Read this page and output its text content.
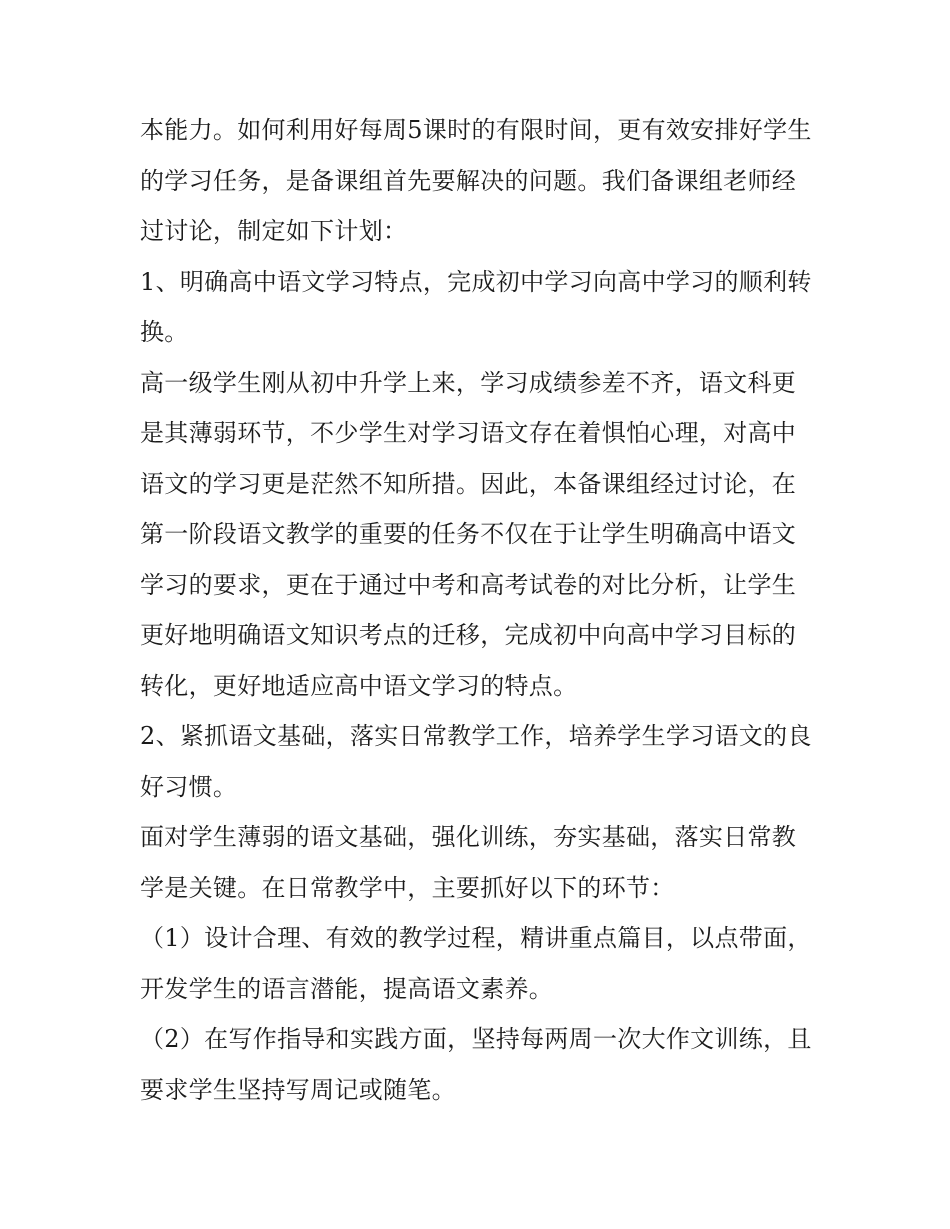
本能力。如何利用好每周5课时的有限时间，更有效安排好学生的学习任务，是备课组首先要解决的问题。我们备课组老师经过讨论，制定如下计划：

1、明确高中语文学习特点，完成初中学习向高中学习的顺利转换。

高一级学生刚从初中升学上来，学习成绩参差不齐，语文科更是其薄弱环节，不少学生对学习语文存在着惧怕心理，对高中语文的学习更是茫然不知所措。因此，本备课组经过讨论，在第一阶段语文教学的重要的任务不仅在于让学生明确高中语文学习的要求，更在于通过中考和高考试卷的对比分析，让学生更好地明确语文知识考点的迁移，完成初中向高中学习目标的转化，更好地适应高中语文学习的特点。

2、紧抓语文基础，落实日常教学工作，培养学生学习语文的良好习惯。

面对学生薄弱的语文基础，强化训练，夯实基础，落实日常教学是关键。在日常教学中，主要抓好以下的环节：

（1）设计合理、有效的教学过程，精讲重点篇目，以点带面，开发学生的语言潜能，提高语文素养。

（2）在写作指导和实践方面，坚持每两周一次大作文训练，且要求学生坚持写周记或随笔。
